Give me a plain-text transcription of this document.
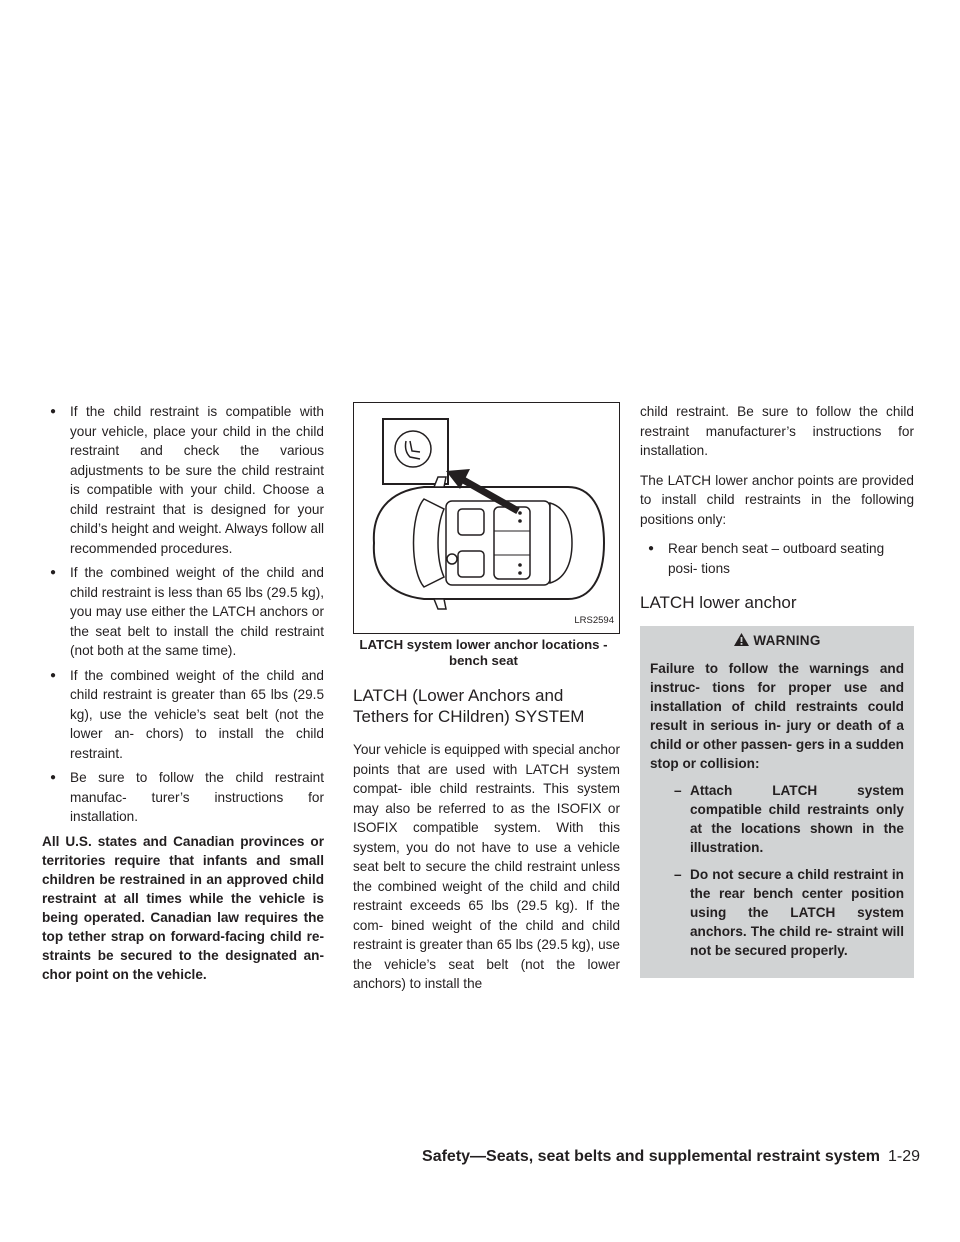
● If the child restraint is compatible with your vehicle, place your child in the child restraint and check the various adjustments to be sure the child restraint is compatible with your child. Choose a child restraint that is designed for your child’s height and weight. Always follow all recommended procedures.
● If the combined weight of the child and child restraint is less than 65 lbs (29.5 kg), you may use either the LATCH anchors or the seat belt to install the child restraint (not both at the same time).
● If the combined weight of the child and child restraint is greater than 65 lbs (29.5 kg), use the vehicle’s seat belt (not the lower an- chors) to install the child restraint.
● Be sure to follow the child restraint manufac- turer’s instructions for installation.

All U.S. states and Canadian provinces or territories require that infants and small children be restrained in an approved child restraint at all times while the vehicle is being operated. Canadian law requires the top tether strap on forward-facing child re- straints be secured to the designated an- chor point on the vehicle.

LRS2594
LATCH system lower anchor locations - bench seat
LATCH (Lower Anchors and Tethers for CHildren) SYSTEM

Your vehicle is equipped with special anchor points that are used with LATCH system compat- ible child restraints. This system may also be referred to as the ISOFIX or ISOFIX compatible system. With this system, you do not have to use a vehicle seat belt to secure the child restraint unless the combined weight of the child and child restraint exceeds 65 lbs (29.5 kg). If the com- bined weight of the child and child restraint is greater than 65 lbs (29.5 kg), use the vehicle’s seat belt (not the lower anchors) to install the

child restraint. Be sure to follow the child restraint manufacturer’s instructions for installation.

The LATCH lower anchor points are provided to install child restraints in the following positions only:

● Rear bench seat – outboard seating posi- tions
LATCH lower anchor
WARNING
Failure to follow the warnings and instruc- tions for proper use and installation of child restraints could result in serious in- jury or death of a child or other passen- gers in a sudden stop or collision:
– Attach LATCH system compatible child restraints only at the locations shown in the illustration.
– Do not secure a child restraint in the rear bench center position using the LATCH system anchors. The child re- straint will not be secured properly.
Safety—Seats, seat belts and supplemental restraint system 1-29
